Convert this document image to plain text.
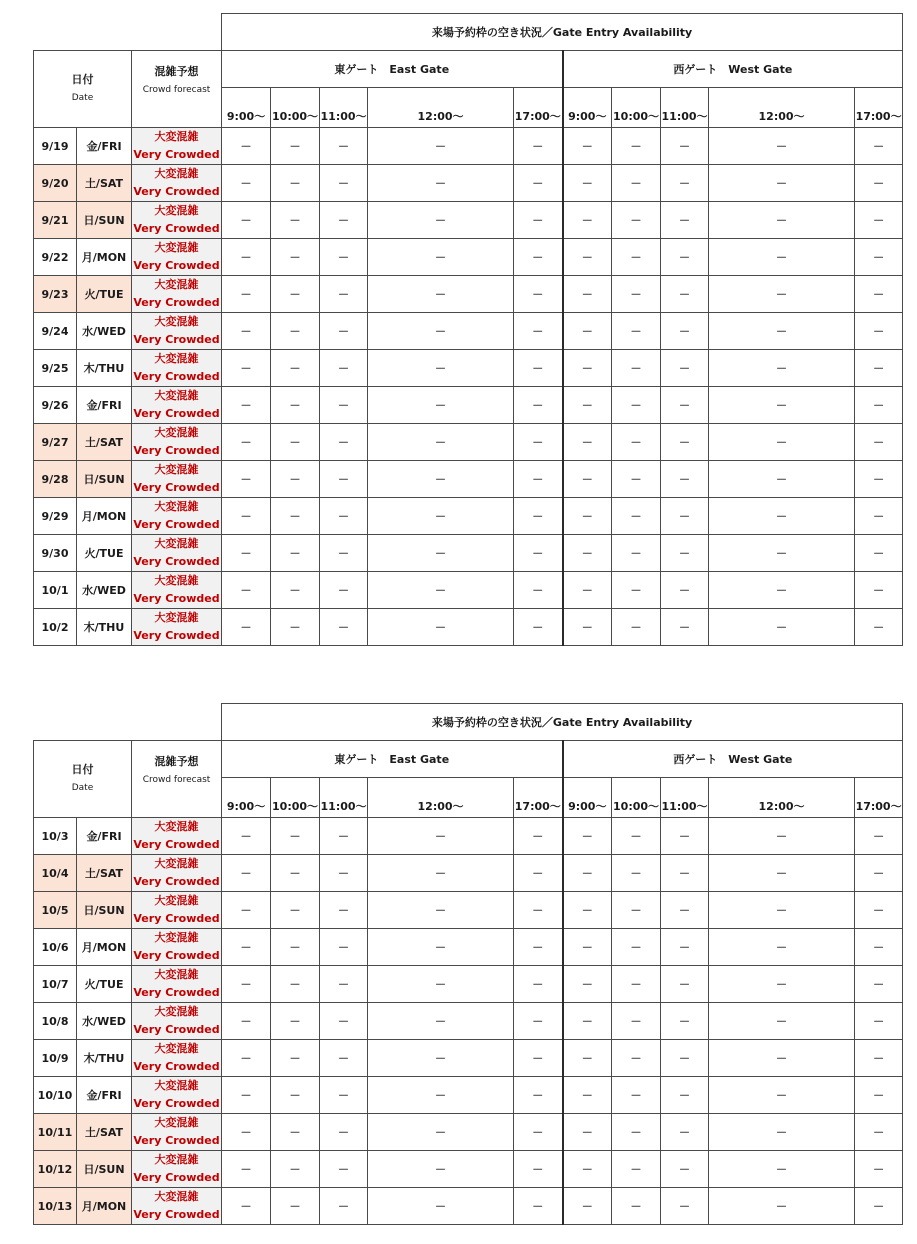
			来場予約枠の空き状況／Gate Entry Availability									
日付
Date		混雑予想
Crowd forecast	東ゲート　East Gate					西ゲート　West Gate				
			9:00～	10:00～	11:00～	12:00～	17:00～	9:00～	10:00～	11:00～	12:00～	17:00～
9/19	金/FRI	大変混雑
Very Crowded	－	－	－	－	－	－	－	－	－	－
9/20	土/SAT	大変混雑
Very Crowded	－	－	－	－	－	－	－	－	－	－
9/21	日/SUN	大変混雑
Very Crowded	－	－	－	－	－	－	－	－	－	－
9/22	月/MON	大変混雑
Very Crowded	－	－	－	－	－	－	－	－	－	－
9/23	火/TUE	大変混雑
Very Crowded	－	－	－	－	－	－	－	－	－	－
9/24	水/WED	大変混雑
Very Crowded	－	－	－	－	－	－	－	－	－	－
9/25	木/THU	大変混雑
Very Crowded	－	－	－	－	－	－	－	－	－	－
9/26	金/FRI	大変混雑
Very Crowded	－	－	－	－	－	－	－	－	－	－
9/27	土/SAT	大変混雑
Very Crowded	－	－	－	－	－	－	－	－	－	－
9/28	日/SUN	大変混雑
Very Crowded	－	－	－	－	－	－	－	－	－	－
9/29	月/MON	大変混雑
Very Crowded	－	－	－	－	－	－	－	－	－	－
9/30	火/TUE	大変混雑
Very Crowded	－	－	－	－	－	－	－	－	－	－
10/1	水/WED	大変混雑
Very Crowded	－	－	－	－	－	－	－	－	－	－
10/2	木/THU	大変混雑
Very Crowded	－	－	－	－	－	－	－	－	－	－
			来場予約枠の空き状況／Gate Entry Availability									
日付
Date		混雑予想
Crowd forecast	東ゲート　East Gate					西ゲート　West Gate				
			9:00～	10:00～	11:00～	12:00～	17:00～	9:00～	10:00～	11:00～	12:00～	17:00～
10/3	金/FRI	大変混雑
Very Crowded	－	－	－	－	－	－	－	－	－	－
10/4	土/SAT	大変混雑
Very Crowded	－	－	－	－	－	－	－	－	－	－
10/5	日/SUN	大変混雑
Very Crowded	－	－	－	－	－	－	－	－	－	－
10/6	月/MON	大変混雑
Very Crowded	－	－	－	－	－	－	－	－	－	－
10/7	火/TUE	大変混雑
Very Crowded	－	－	－	－	－	－	－	－	－	－
10/8	水/WED	大変混雑
Very Crowded	－	－	－	－	－	－	－	－	－	－
10/9	木/THU	大変混雑
Very Crowded	－	－	－	－	－	－	－	－	－	－
10/10	金/FRI	大変混雑
Very Crowded	－	－	－	－	－	－	－	－	－	－
10/11	土/SAT	大変混雑
Very Crowded	－	－	－	－	－	－	－	－	－	－
10/12	日/SUN	大変混雑
Very Crowded	－	－	－	－	－	－	－	－	－	－
10/13	月/MON	大変混雑
Very Crowded	－	－	－	－	－	－	－	－	－	－
